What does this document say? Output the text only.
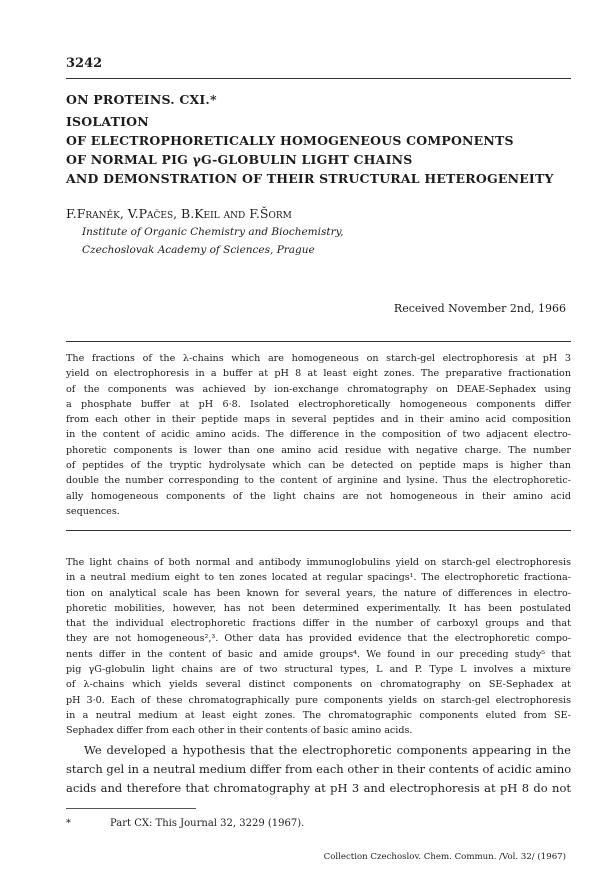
3242
ON PROTEINS. CXI.*
ISOLATION
OF ELECTROPHORETICALLY HOMOGENEOUS COMPONENTS
OF NORMAL PIG γG-GLOBULIN LIGHT CHAINS
AND DEMONSTRATION OF THEIR STRUCTURAL HETEROGENEITY
F.Franěk, V.Pačes, B.Keil and F.Šorm
Institute of Organic Chemistry and Biochemistry,
Czechoslovak Academy of Sciences, Prague
Received November 2nd, 1966
The fractions of the λ-chains which are homogeneous on starch-gel electrophoresis at pH 3
yield on electrophoresis in a buffer at pH 8 at least eight zones. The preparative fractionation
of the components was achieved by ion-exchange chromatography on DEAE-Sephadex using
a phosphate buffer at pH 6·8. Isolated electrophoretically homogeneous components differ
from each other in their peptide maps in several peptides and in their amino acid composition
in the content of acidic amino acids. The difference in the composition of two adjacent electro-
phoretic components is lower than one amino acid residue with negative charge. The number
of peptides of the tryptic hydrolysate which can be detected on peptide maps is higher than
double the number corresponding to the content of arginine and lysine. Thus the electrophoretic-
ally homogeneous components of the light chains are not homogeneous in their amino acid
sequences.
The light chains of both normal and antibody immunoglobulins yield on starch-gel electrophoresis
in a neutral medium eight to ten zones located at regular spacings¹. The electrophoretic fractiona-
tion on analytical scale has been known for several years, the nature of differences in electro-
phoretic mobilities, however, has not been determined experimentally. It has been postulated
that the individual electrophoretic fractions differ in the number of carboxyl groups and that
they are not homogeneous²,³. Other data has provided evidence that the electrophoretic compo-
nents differ in the content of basic and amide groups⁴. We found in our preceding study⁵ that
pig γG-globulin light chains are of two structural types, L and P. Type L involves a mixture
of λ-chains which yields several distinct components on chromatography on SE-Sephadex at
pH 3·0. Each of these chromatographically pure components yields on starch-gel electrophoresis
in a neutral medium at least eight zones. The chromatographic components eluted from SE-
Sephadex differ from each other in their contents of basic amino acids.
We developed a hypothesis that the electrophoretic components appearing in the
starch gel in a neutral medium differ from each other in their contents of acidic amino
acids and therefore that chromatography at pH 3 and electrophoresis at pH 8 do not
*	Part CX: This Journal 32, 3229 (1967).
Collection Czechoslov. Chem. Commun. /Vol. 32/ (1967)
